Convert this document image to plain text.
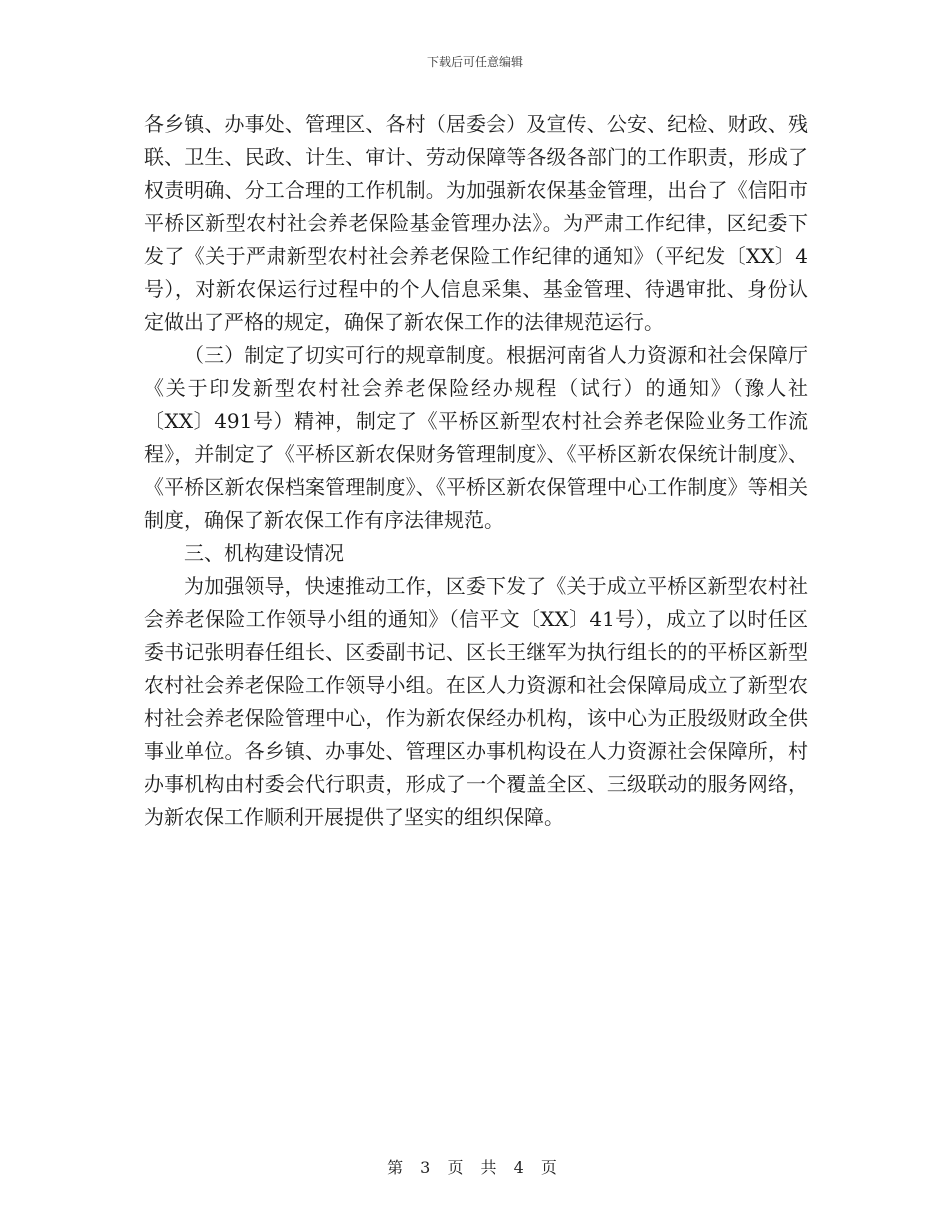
下载后可任意编辑

各乡镇、办事处、管理区、各村（居委会）及宣传、公安、纪检、财政、残联、卫生、民政、计生、审计、劳动保障等各级各部门的工作职责，形成了权责明确、分工合理的工作机制。为加强新农保基金管理，出台了《信阳市平桥区新型农村社会养老保险基金管理办法》。为严肃工作纪律，区纪委下发了《关于严肃新型农村社会养老保险工作纪律的通知》（平纪发〔XX〕4号），对新农保运行过程中的个人信息采集、基金管理、待遇审批、身份认定做出了严格的规定，确保了新农保工作的法律规范运行。

（三）制定了切实可行的规章制度。根据河南省人力资源和社会保障厅《关于印发新型农村社会养老保险经办规程（试行）的通知》（豫人社〔XX〕491号）精神，制定了《平桥区新型农村社会养老保险业务工作流程》，并制定了《平桥区新农保财务管理制度》、《平桥区新农保统计制度》、《平桥区新农保档案管理制度》、《平桥区新农保管理中心工作制度》等相关制度，确保了新农保工作有序法律规范。

三、机构建设情况

为加强领导，快速推动工作，区委下发了《关于成立平桥区新型农村社会养老保险工作领导小组的通知》（信平文〔XX〕41号），成立了以时任区委书记张明春任组长、区委副书记、区长王继军为执行组长的的平桥区新型农村社会养老保险工作领导小组。在区人力资源和社会保障局成立了新型农村社会养老保险管理中心，作为新农保经办机构，该中心为正股级财政全供事业单位。各乡镇、办事处、管理区办事机构设在人力资源社会保障所，村办事机构由村委会代行职责，形成了一个覆盖全区、三级联动的服务网络，为新农保工作顺利开展提供了坚实的组织保障。

第 3 页 共 4 页
